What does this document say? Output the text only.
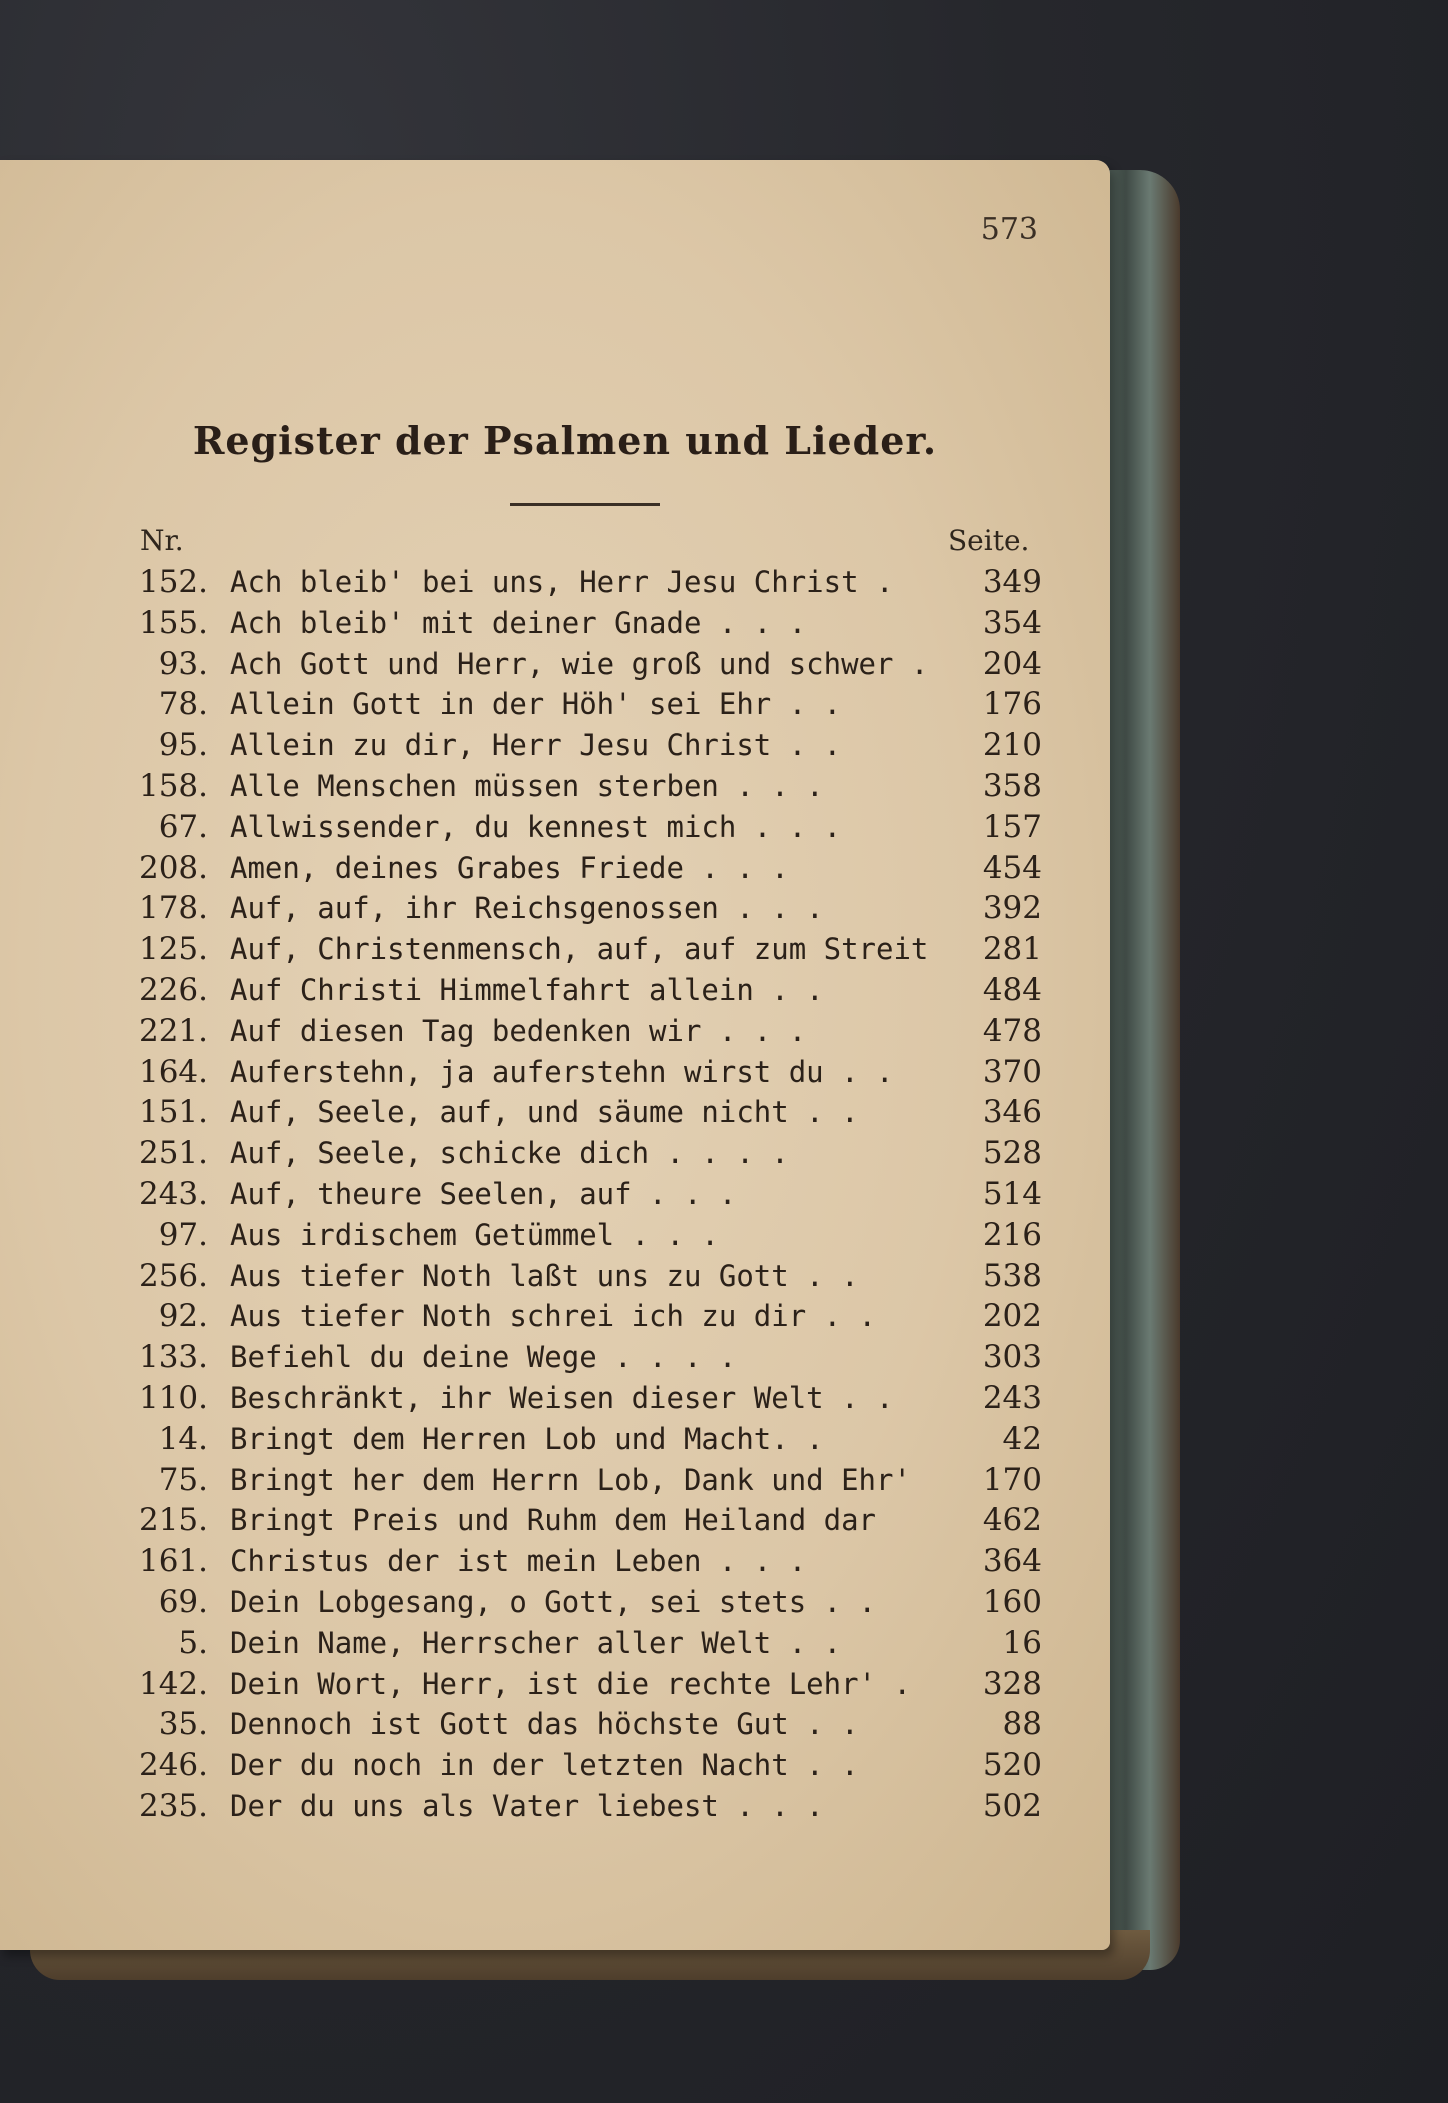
573
Register der Psalmen und Lieder.
Nr.	Seite.
152. Ach bleib' bei uns, Herr Jesu Christ .	349
155. Ach bleib' mit deiner Gnade . . .	354
93. Ach Gott und Herr, wie groß und schwer .	204
78. Allein Gott in der Höh' sei Ehr . .	176
95. Allein zu dir, Herr Jesu Christ . .	210
158. Alle Menschen müssen sterben . . .	358
67. Allwissender, du kennest mich . . .	157
208. Amen, deines Grabes Friede . . .	454
178. Auf, auf, ihr Reichsgenossen . . .	392
125. Auf, Christenmensch, auf, auf zum Streit	281
226. Auf Christi Himmelfahrt allein . .	484
221. Auf diesen Tag bedenken wir . . .	478
164. Auferstehn, ja auferstehn wirst du . .	370
151. Auf, Seele, auf, und säume nicht . .	346
251. Auf, Seele, schicke dich . . . .	528
243. Auf, theure Seelen, auf . . .	514
97. Aus irdischem Getümmel . . .	216
256. Aus tiefer Noth laßt uns zu Gott . .	538
92. Aus tiefer Noth schrei ich zu dir . .	202
133. Befiehl du deine Wege . . . .	303
110. Beschränkt, ihr Weisen dieser Welt . .	243
14. Bringt dem Herren Lob und Macht. .	42
75. Bringt her dem Herrn Lob, Dank und Ehr'	170
215. Bringt Preis und Ruhm dem Heiland dar	462
161. Christus der ist mein Leben . . .	364
69. Dein Lobgesang, o Gott, sei stets . .	160
5. Dein Name, Herrscher aller Welt . .	16
142. Dein Wort, Herr, ist die rechte Lehr' .	328
35. Dennoch ist Gott das höchste Gut . .	88
246. Der du noch in der letzten Nacht . .	520
235. Der du uns als Vater liebest . . .	502
